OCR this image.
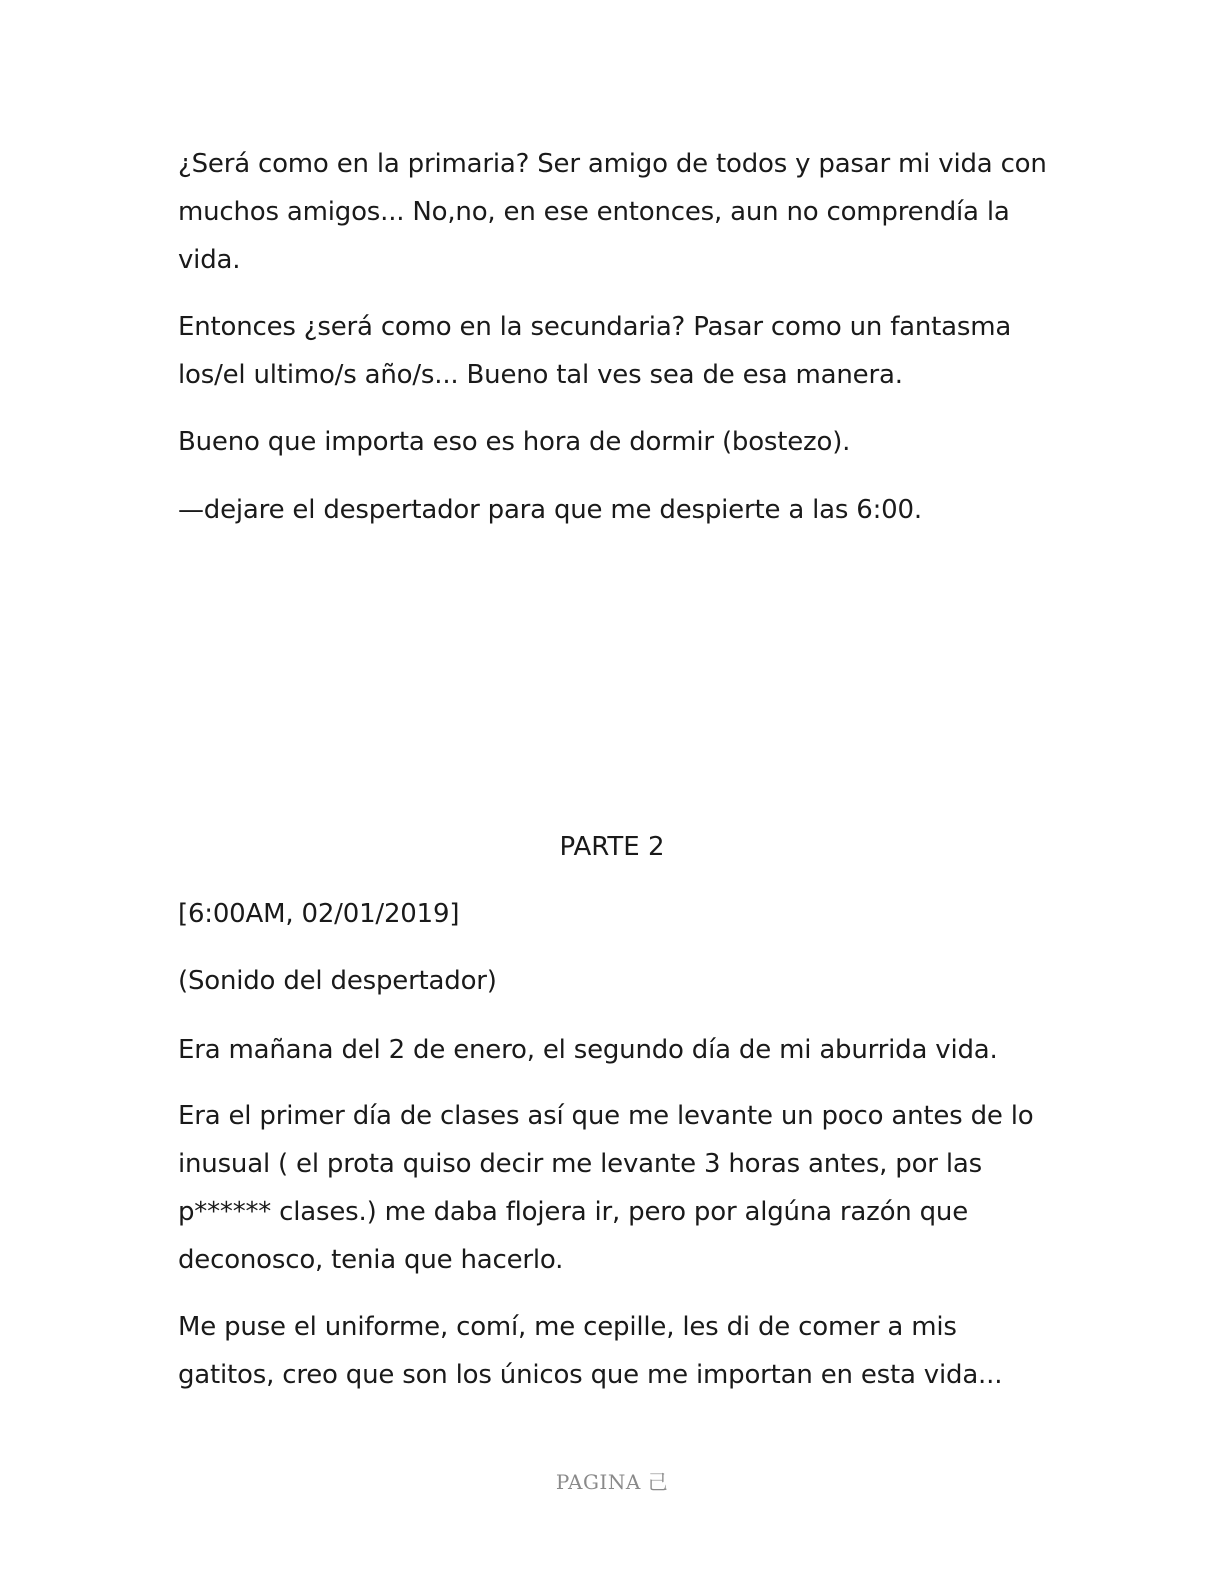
¿Será como en la primaria? Ser amigo de todos y pasar mi vida con muchos amigos... No,no, en ese entonces, aun no comprendía la vida.

Entonces ¿será como en la secundaria? Pasar como un fantasma los/el ultimo/s año/s... Bueno tal ves sea de esa manera.

Bueno que importa eso es hora de dormir (bostezo).

—dejare el despertador para que me despierte a las 6:00.

PARTE 2

[6:00AM, 02/01/2019]

(Sonido del despertador)

Era mañana del 2 de enero, el segundo día de mi aburrida vida.

Era el primer día de clases así que me levante un poco antes de lo inusual ( el prota quiso decir me levante 3 horas antes, por las p****** clases.) me daba flojera ir, pero por algúna razón que deconosco, tenia que hacerlo.

Me puse el uniforme, comí, me cepille, les di de comer a mis gatitos, creo que son los únicos que me importan en esta vida...

PAGINA 己
